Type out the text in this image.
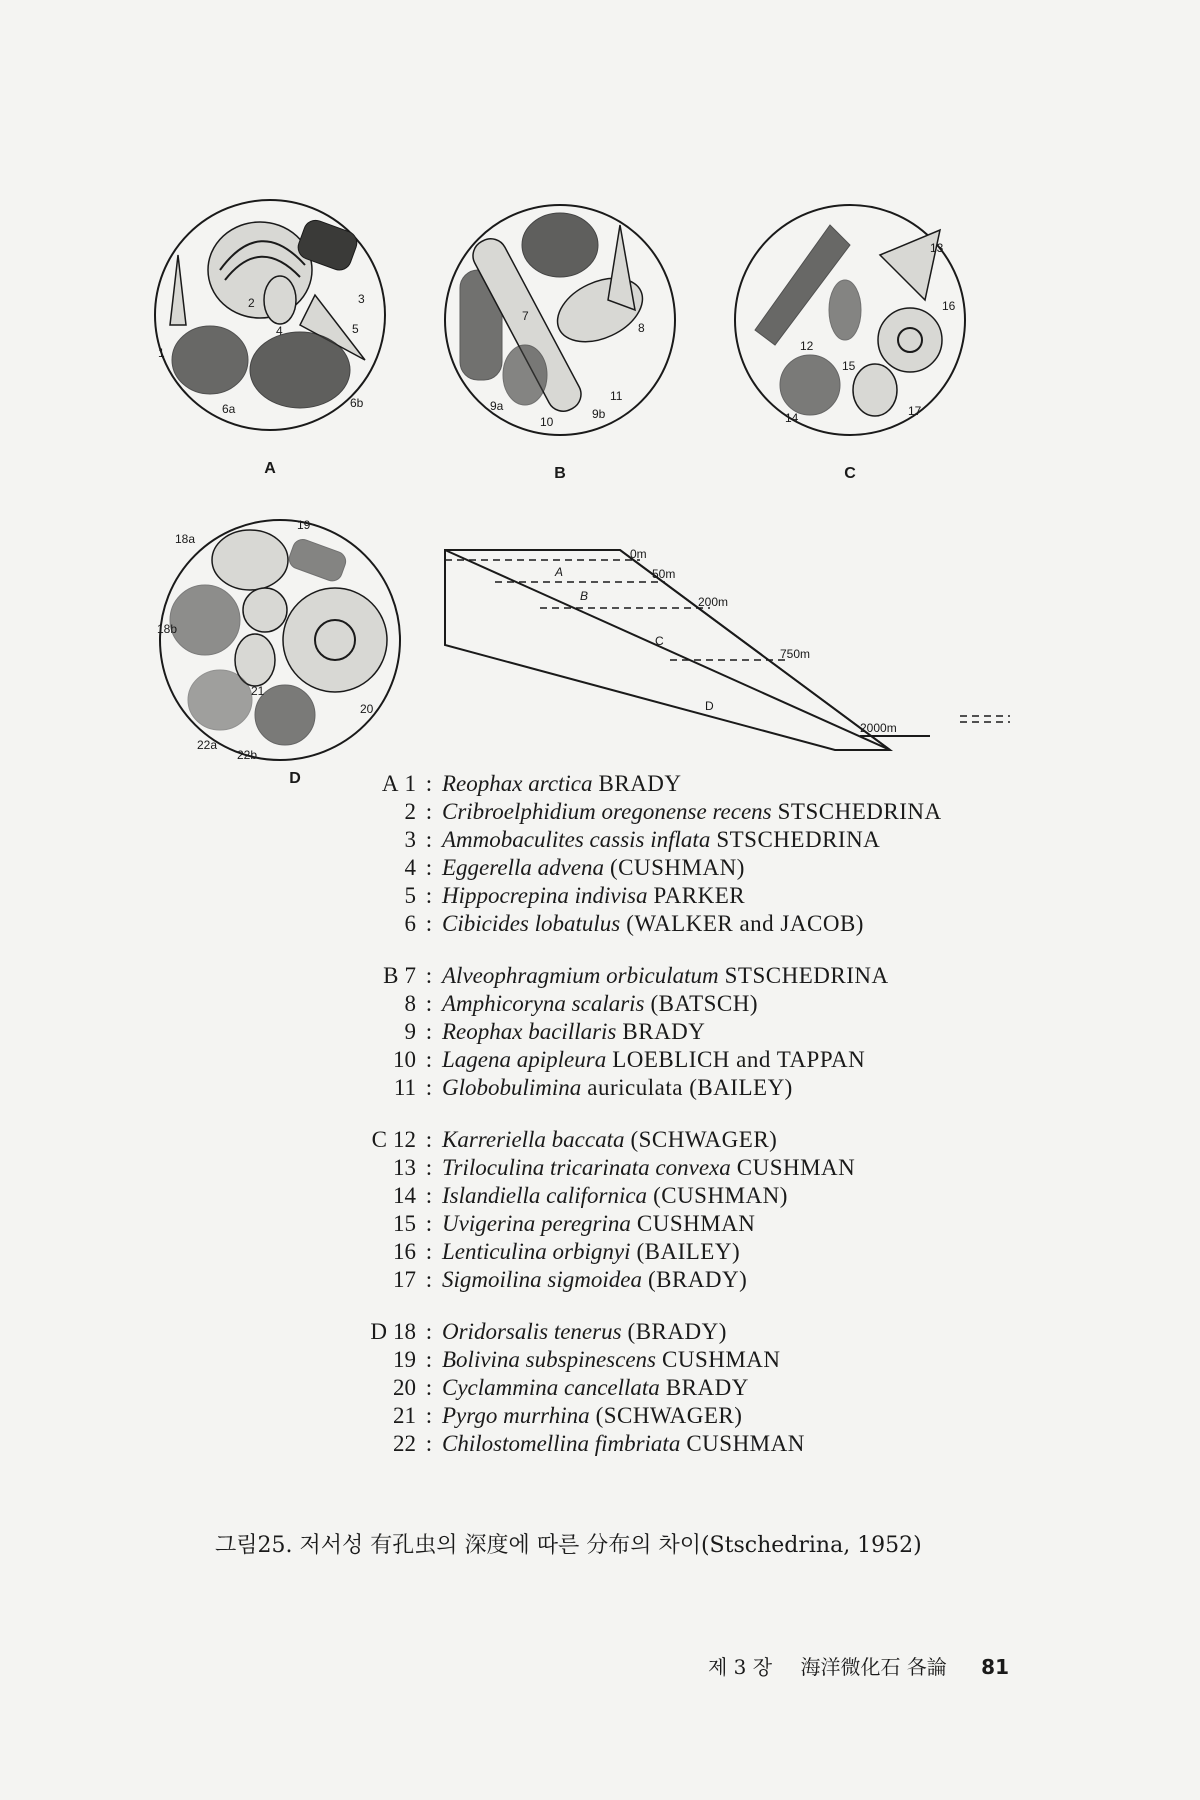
1
2	3
4	5
6a	6b
A
7
8
9a
9b
10
11
B
12
13
14
15
16
17
C
18a
18b
19
20
21
22a
22b
D
A
B
C
D
0m
50m
200m
750m
2000m
A 1 : Reophax arctica BRADY
2 : Cribroelphidium oregonense recens STSCHEDRINA
3 : Ammobaculites cassis inflata STSCHEDRINA
4 : Eggerella advena (CUSHMAN)
5 : Hippocrepina indivisa PARKER
6 : Cibicides lobatulus (WALKER and JACOB)
B 7 : Alveophragmium orbiculatum STSCHEDRINA
8 : Amphicoryna scalaris (BATSCH)
9 : Reophax bacillaris BRADY
10 : Lagena apipleura LOEBLICH and TAPPAN
11 : Globobulimina auriculata (BAILEY)
C 12 : Karreriella baccata (SCHWAGER)
13 : Triloculina tricarinata convexa CUSHMAN
14 : Islandiella californica (CUSHMAN)
15 : Uvigerina peregrina CUSHMAN
16 : Lenticulina orbignyi (BAILEY)
17 : Sigmoilina sigmoidea (BRADY)
D 18 : Oridorsalis tenerus (BRADY)
19 : Bolivina subspinescens CUSHMAN
20 : Cyclammina cancellata BRADY
21 : Pyrgo murrhina (SCHWAGER)
22 : Chilostomellina fimbriata CUSHMAN
그림25. 저서성 有孔虫의 深度에 따른 分布의 차이(Stschedrina, 1952)
제 3 장 海洋微化石 各論 81
